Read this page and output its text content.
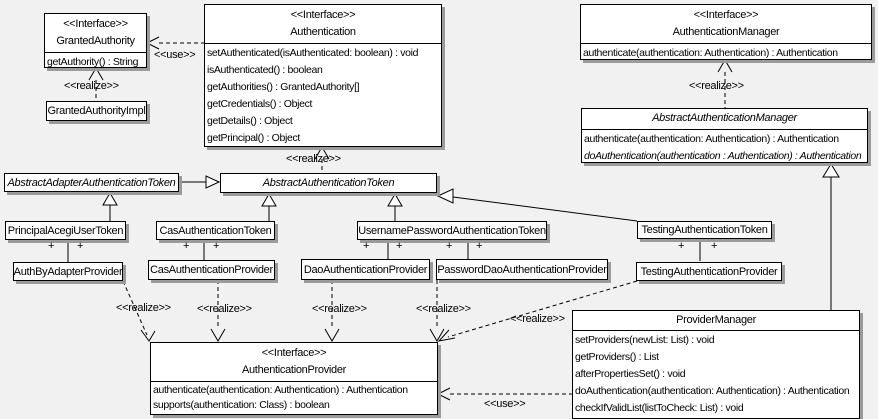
<<use>>
<<realize>>
<<realize>>
<<realize>>
<<realize>> <<realize>>	<<realize>>	<<realize>>
<<realize>>
<<use>>
+ +	+ +	+ +	+ +	+ +
<<Interface>>
GrantedAuthority
getAuthority() : String
GrantedAuthorityImpl
<<Interface>>
Authentication
setAuthenticated(isAuthenticated: boolean) : void
isAuthenticated() : boolean
getAuthorities() : GrantedAuthority[]
getCredentials() : Object
getDetails() : Object
getPrincipal() : Object
<<Interface>>
AuthenticationManager
authenticate(authentication: Authentication) : Authentication
AbstractAuthenticationManager
authenticate(authentication: Authentication) : Authentication
doAuthentication(authentication : Authentication) : Authentication
AbstractAdapterAuthenticationToken	AbstractAuthenticationToken
PrincipalAcegiUserToken	CasAuthenticationToken	UsernamePasswordAuthenticationToken	TestingAuthenticationToken
AuthByAdapterProvider	CasAuthenticationProvider	DaoAuthenticationProvider PasswordDaoAuthenticationProvider	TestingAuthenticationProvider
<<Interface>>
AuthenticationProvider
authenticate(authentication: Authentication) : Authentication
supports(authentication: Class) : boolean
ProviderManager
setProviders(newList: List) : void
getProviders() : List
afterPropertiesSet() : void
doAuthentication(authentication: Authentication) : Authentication
checkIfValidList(listToCheck: List) : void
